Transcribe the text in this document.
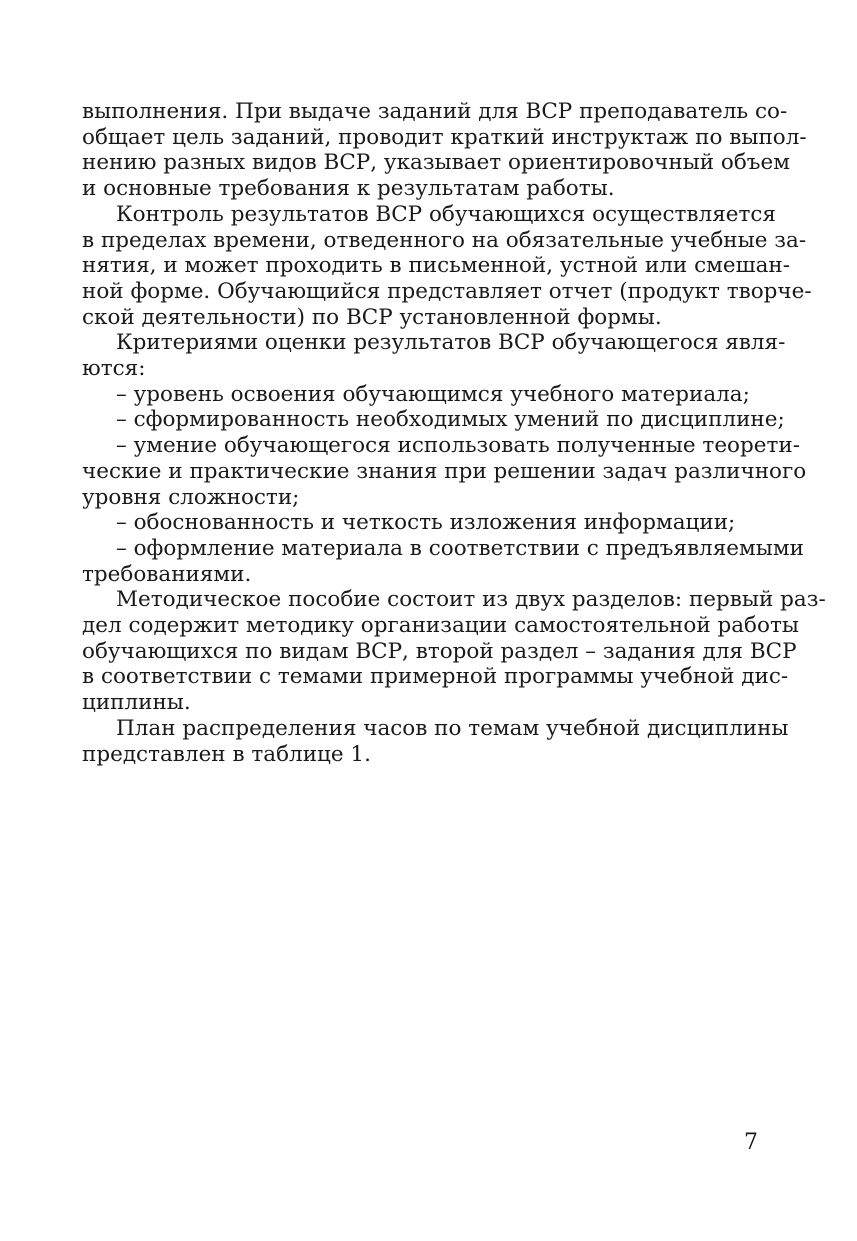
выполнения. При выдаче заданий для ВСР преподаватель со-
общает цель заданий, проводит краткий инструктаж по выпол-
нению разных видов ВСР, указывает ориентировочный объем
и основные требования к результатам работы.

Контроль результатов ВСР обучающихся осуществляется
в пределах времени, отведенного на обязательные учебные за-
нятия, и может проходить в письменной, устной или смешан-
ной форме. Обучающийся представляет отчет (продукт творче-
ской деятельности) по ВСР установленной формы.

Критериями оценки результатов ВСР обучающегося явля-
ются:

– уровень освоения обучающимся учебного материала;

– сформированность необходимых умений по дисциплине;

– умение обучающегося использовать полученные теорети-
ческие и практические знания при решении задач различного
уровня сложности;

– обоснованность и четкость изложения информации;

– оформление материала в соответствии с предъявляемыми
требованиями.

Методическое пособие состоит из двух разделов: первый раз-
дел содержит методику организации самостоятельной работы
обучающихся по видам ВСР, второй раздел – задания для ВСР
в соответствии с темами примерной программы учебной дис-
циплины.

План распределения часов по темам учебной дисциплины
представлен в таблице 1.

7
